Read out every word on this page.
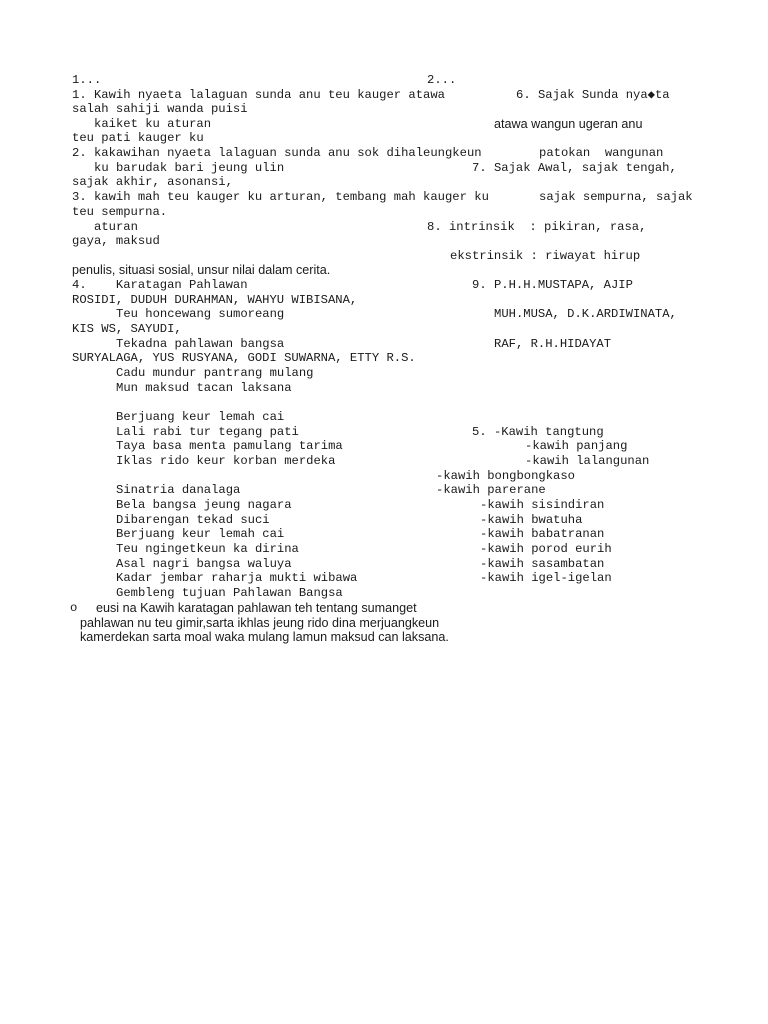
1...	2...
1. Kawih nyaeta lalaguan sunda anu teu kauger atawa	6. Sajak Sunda nya◆ta
salah sahiji wanda puisi
kaiket ku aturan	atawa wangun ugeran anu
teu pati kauger ku
2. kakawihan nyaeta lalaguan sunda anu sok dihaleungkeun	patokan  wangunan
ku barudak bari jeung ulin	7. Sajak Awal, sajak tengah,
sajak akhir, asonansi,
3. kawih mah teu kauger ku arturan, tembang mah kauger ku	sajak sempurna, sajak
teu sempurna.
aturan	8. intrinsik  : pikiran, rasa,
gaya, maksud
ekstrinsik : riwayat hirup
penulis, situasi sosial, unsur nilai dalam cerita.
4.    Karatagan Pahlawan	9. P.H.H.MUSTAPA, AJIP
ROSIDI, DUDUH DURAHMAN, WAHYU WIBISANA,
Teu honcewang sumoreang	MUH.MUSA, D.K.ARDIWINATA,
KIS WS, SAYUDI,
Tekadna pahlawan bangsa	RAF, R.H.HIDAYAT
SURYALAGA, YUS RUSYANA, GODI SUWARNA, ETTY R.S.
Cadu mundur pantrang mulang
Mun maksud tacan laksana
Berjuang keur lemah cai
Lali rabi tur tegang pati	5. -Kawih tangtung
Taya basa menta pamulang tarima	-kawih panjang
Iklas rido keur korban merdeka	-kawih lalangunan
-kawih bongbongkaso
Sinatria danalaga	-kawih parerane
Bela bangsa jeung nagara	-kawih sisindiran
Dibarengan tekad suci	-kawih bwatuha
Berjuang keur lemah cai	-kawih babatranan
Teu ngingetkeun ka dirina	-kawih porod eurih
Asal nagri bangsa waluya	-kawih sasambatan
Kadar jembar raharja mukti wibawa	-kawih igel-igelan
Gembleng tujuan Pahlawan Bangsa
o eusi na Kawih karatagan pahlawan teh tentang sumanget
pahlawan nu teu gimir,sarta ikhlas jeung rido dina merjuangkeun
kamerdekan sarta moal waka mulang lamun maksud can laksana.
